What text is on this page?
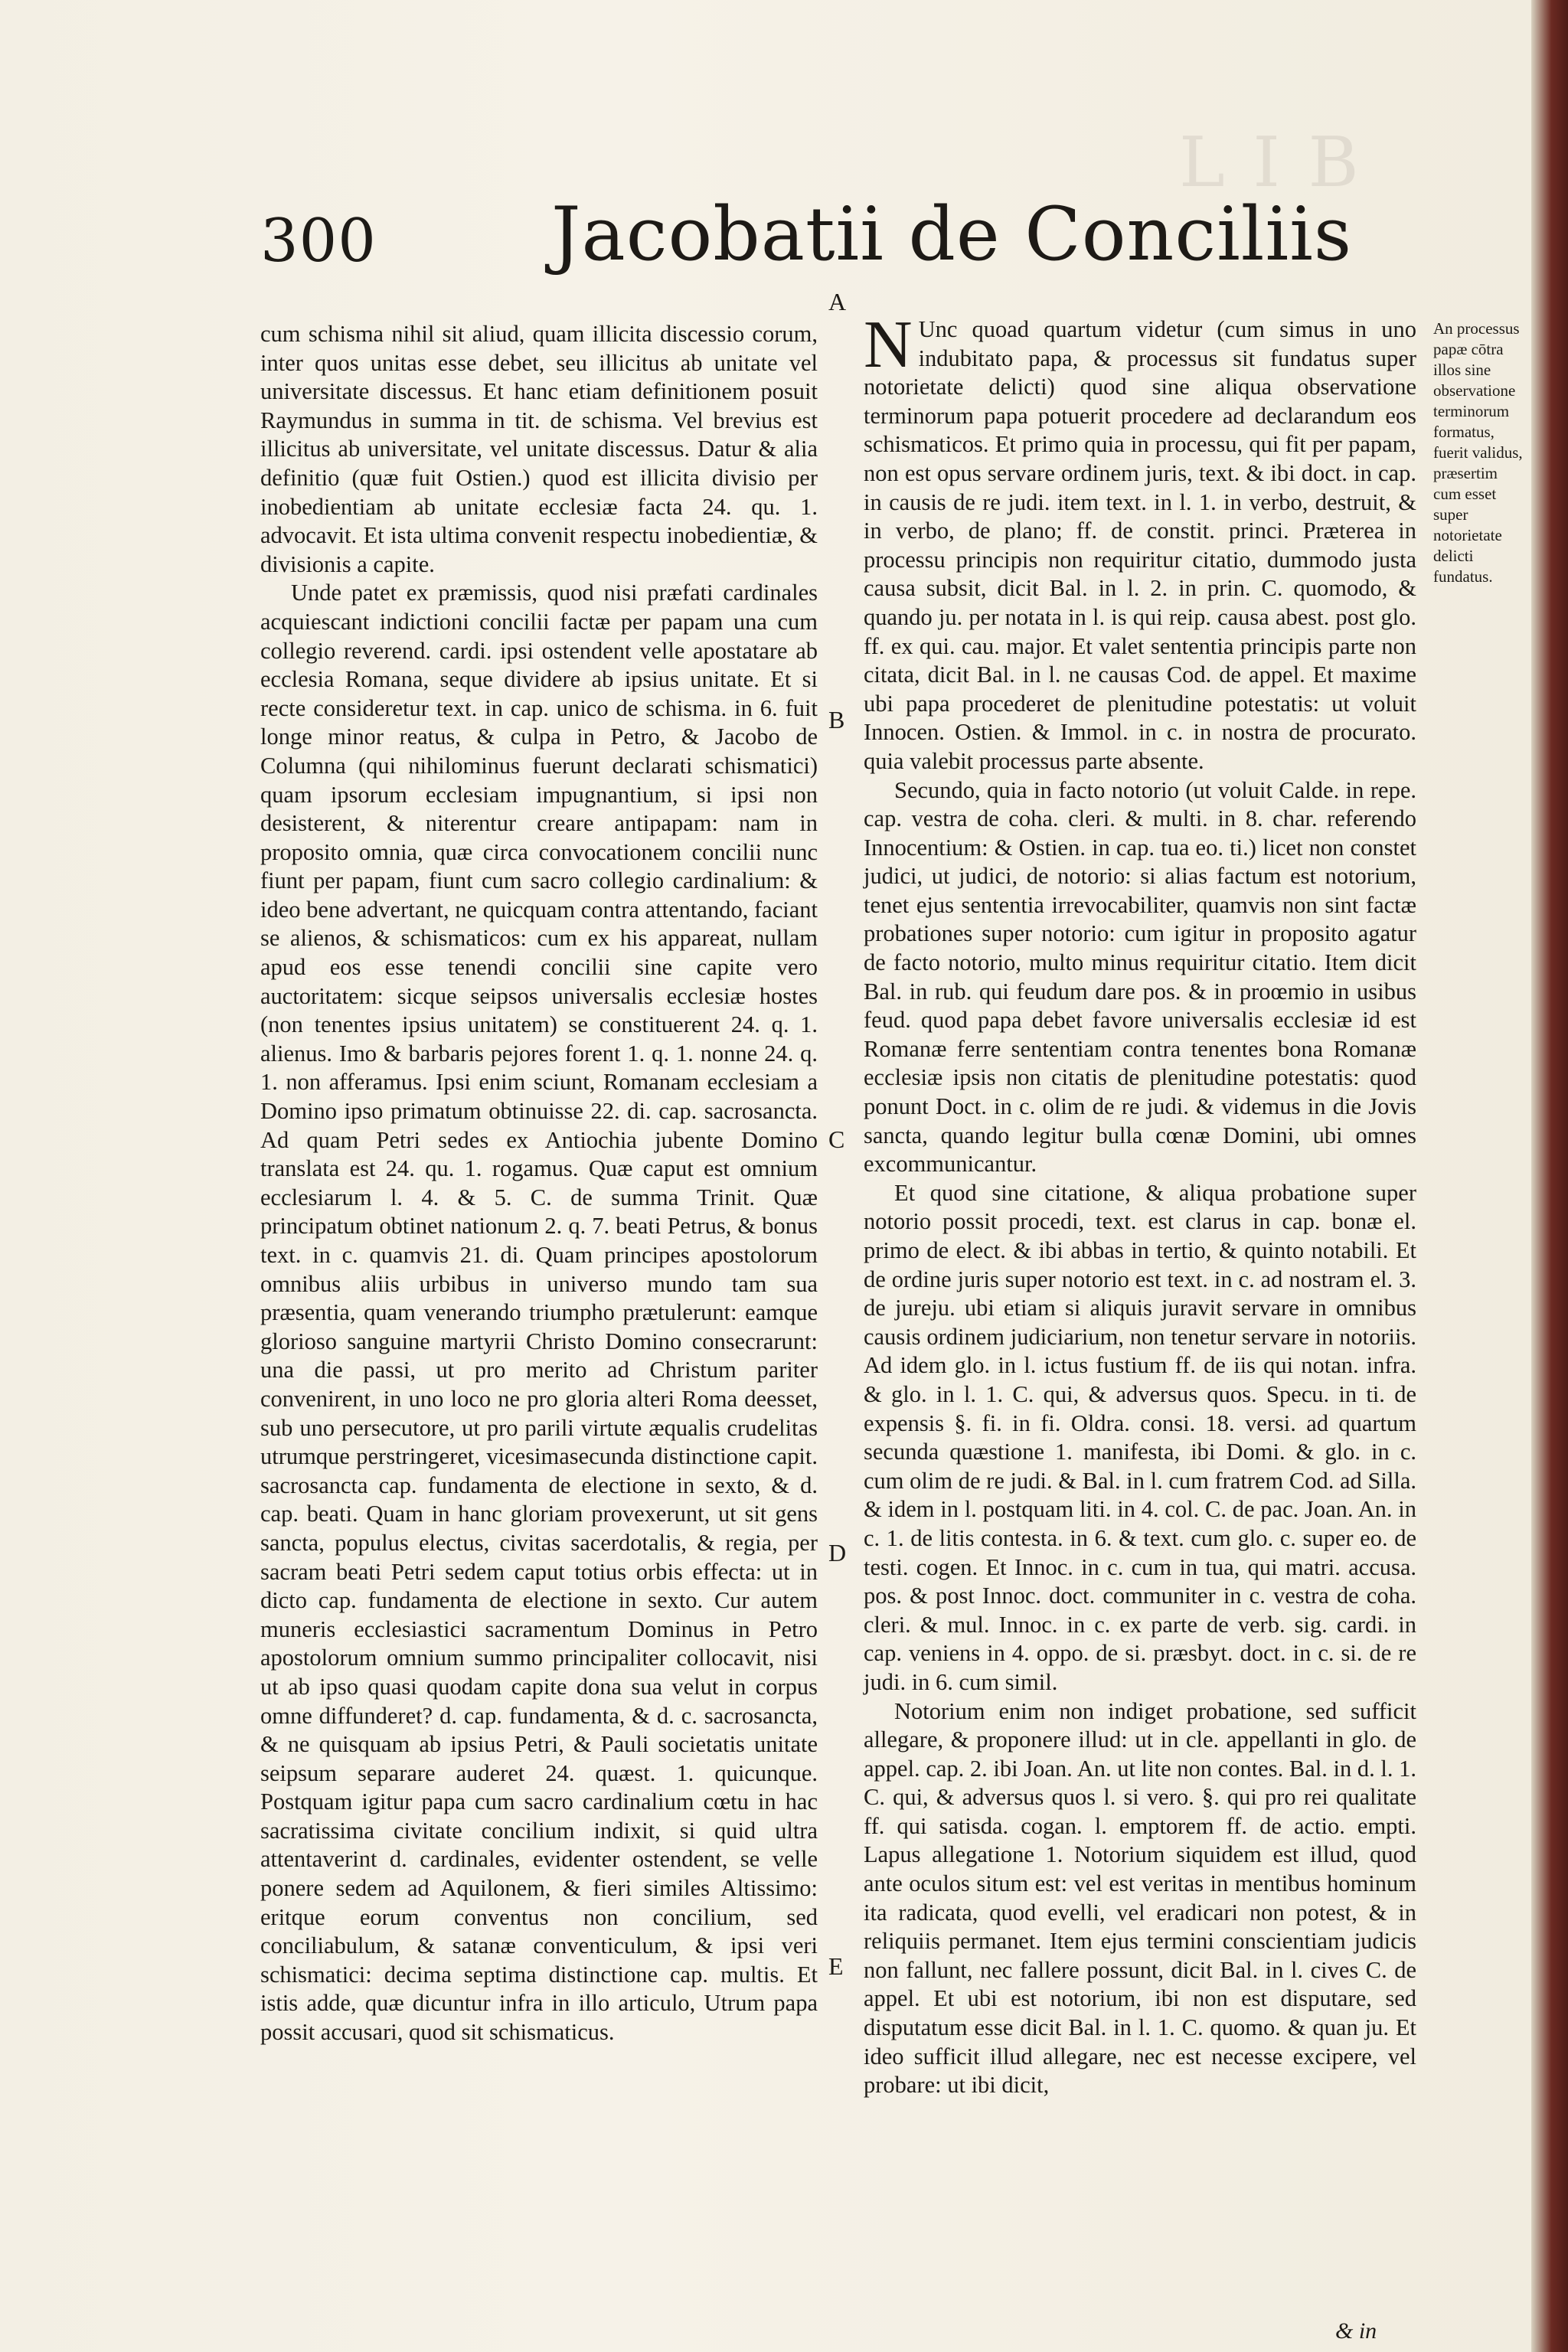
L I B
300 Jacobatii de Conciliis

cum schisma nihil sit aliud, quam illicita discessio corum, inter quos unitas esse debet, seu illicitus ab unitate vel universitate discessus. Et hanc etiam definitionem posuit Raymundus in summa in tit. de schisma. Vel brevius est illicitus ab universitate, vel unitate discessus. Datur & alia definitio (quæ fuit Ostien.) quod est illicita divisio per inobedientiam ab unitate ecclesiæ facta 24. qu. 1. advocavit. Et ista ultima convenit respectu inobedientiæ, & divisionis a capite.

Unde patet ex præmissis, quod nisi præfati cardinales acquiescant indictioni concilii factæ per papam una cum collegio reverend. cardi. ipsi ostendent velle apostatare ab ecclesia Romana, seque dividere ab ipsius unitate. Et si recte consideretur text. in cap. unico de schisma. in 6. fuit longe minor reatus, & culpa in Petro, & Jacobo de Columna (qui nihilominus fuerunt declarati schismatici) quam ipsorum ecclesiam impugnantium, si ipsi non desisterent, & niterentur creare antipapam: nam in proposito omnia, quæ circa convocationem concilii nunc fiunt per papam, fiunt cum sacro collegio cardinalium: & ideo bene advertant, ne quicquam contra attentando, faciant se alienos, & schismaticos: cum ex his appareat, nullam apud eos esse tenendi concilii sine capite vero auctoritatem: sicque seipsos universalis ecclesiæ hostes (non tenentes ipsius unitatem) se constituerent 24. q. 1. alienus. Imo & barbaris pejores forent 1. q. 1. nonne 24. q. 1. non afferamus. Ipsi enim sciunt, Romanam ecclesiam a Domino ipso primatum obtinuisse 22. di. cap. sacrosancta. Ad quam Petri sedes ex Antiochia jubente Domino translata est 24. qu. 1. rogamus. Quæ caput est omnium ecclesiarum l. 4. & 5. C. de summa Trinit. Quæ principatum obtinet nationum 2. q. 7. beati Petrus, & bonus text. in c. quamvis 21. di. Quam principes apostolorum omnibus aliis urbibus in universo mundo tam sua præsentia, quam venerando triumpho prætulerunt: eamque glorioso sanguine martyrii Christo Domino consecrarunt: una die passi, ut pro merito ad Christum pariter convenirent, in uno loco ne pro gloria alteri Roma deesset, sub uno persecutore, ut pro parili virtute æqualis crudelitas utrumque perstringeret, vicesimasecunda distinctione capit. sacrosancta cap. fundamenta de electione in sexto, & d. cap. beati. Quam in hanc gloriam provexerunt, ut sit gens sancta, populus electus, civitas sacerdotalis, & regia, per sacram beati Petri sedem caput totius orbis effecta: ut in dicto cap. fundamenta de electione in sexto. Cur autem muneris ecclesiastici sacramentum Dominus in Petro apostolorum omnium summo principaliter collocavit, nisi ut ab ipso quasi quodam capite dona sua velut in corpus omne diffunderet? d. cap. fundamenta, & d. c. sacrosancta, & ne quisquam ab ipsius Petri, & Pauli societatis unitate seipsum separare auderet 24. quæst. 1. quicunque. Postquam igitur papa cum sacro cardinalium cœtu in hac sacratissima civitate concilium indixit, si quid ultra attentaverint d. cardinales, evidenter ostendent, se velle ponere sedem ad Aquilonem, & fieri similes Altissimo: eritque eorum conventus non concilium, sed conciliabulum, & satanæ conventiculum, & ipsi veri schismatici: decima septima distinctione cap. multis. Et istis adde, quæ dicuntur infra in illo articulo, Utrum papa possit accusari, quod sit schismaticus.

A
B
C
D
E

N Unc quoad quartum videtur (cum simus in uno indubitato papa, & processus sit fundatus super notorietate delicti) quod sine aliqua observatione terminorum papa potuerit procedere ad declarandum eos schismaticos. Et primo quia in processu, qui fit per papam, non est opus servare ordinem juris, text. & ibi doct. in cap. in causis de re judi. item text. in l. 1. in verbo, destruit, & in verbo, de plano; ff. de constit. princi. Præterea in processu principis non requiritur citatio, dummodo justa causa subsit, dicit Bal. in l. 2. in prin. C. quomodo, & quando ju. per notata in l. is qui reip. causa abest. post glo. ff. ex qui. cau. major. Et valet sententia principis parte non citata, dicit Bal. in l. ne causas Cod. de appel. Et maxime ubi papa procederet de plenitudine potestatis: ut voluit Innocen. Ostien. & Immol. in c. in nostra de procurato. quia valebit processus parte absente.

Secundo, quia in facto notorio (ut voluit Calde. in repe. cap. vestra de coha. cleri. & multi. in 8. char. referendo Innocentium: & Ostien. in cap. tua eo. ti.) licet non constet judici, ut judici, de notorio: si alias factum est notorium, tenet ejus sententia irrevocabiliter, quamvis non sint factæ probationes super notorio: cum igitur in proposito agatur de facto notorio, multo minus requiritur citatio. Item dicit Bal. in rub. qui feudum dare pos. & in proœmio in usibus feud. quod papa debet favore universalis ecclesiæ id est Romanæ ferre sententiam contra tenentes bona Romanæ ecclesiæ ipsis non citatis de plenitudine potestatis: quod ponunt Doct. in c. olim de re judi. & videmus in die Jovis sancta, quando legitur bulla cœnæ Domini, ubi omnes excommunicantur.

Et quod sine citatione, & aliqua probatione super notorio possit procedi, text. est clarus in cap. bonæ el. primo de elect. & ibi abbas in tertio, & quinto notabili. Et de ordine juris super notorio est text. in c. ad nostram el. 3. de jureju. ubi etiam si aliquis juravit servare in omnibus causis ordinem judiciarium, non tenetur servare in notoriis. Ad idem glo. in l. ictus fustium ff. de iis qui notan. infra. & glo. in l. 1. C. qui, & adversus quos. Specu. in ti. de expensis §. fi. in fi. Oldra. consi. 18. versi. ad quartum secunda quæstione 1. manifesta, ibi Domi. & glo. in c. cum olim de re judi. & Bal. in l. cum fratrem Cod. ad Silla. & idem in l. postquam liti. in 4. col. C. de pac. Joan. An. in c. 1. de litis contesta. in 6. & text. cum glo. c. super eo. de testi. cogen. Et Innoc. in c. cum in tua, qui matri. accusa. pos. & post Innoc. doct. communiter in c. vestra de coha. cleri. & mul. Innoc. in c. ex parte de verb. sig. cardi. in cap. veniens in 4. oppo. de si. præsbyt. doct. in c. si. de re judi. in 6. cum simil.

Notorium enim non indiget probatione, sed sufficit allegare, & proponere illud: ut in cle. appellanti in glo. de appel. cap. 2. ibi Joan. An. ut lite non contes. Bal. in d. l. 1. C. qui, & adversus quos l. si vero. §. qui pro rei qualitate ff. qui satisda. cogan. l. emptorem ff. de actio. empti. Lapus allegatione 1. Notorium siquidem est illud, quod ante oculos situm est: vel est veritas in mentibus hominum ita radicata, quod evelli, vel eradicari non potest, & in reliquiis permanet. Item ejus termini conscientiam judicis non fallunt, nec fallere possunt, dicit Bal. in l. cives C. de appel. Et ubi est notorium, ibi non est disputare, sed disputatum esse dicit Bal. in l. 1. C. quomo. & quan ju. Et ideo sufficit illud allegare, nec est necesse excipere, vel probare: ut ibi dicit,

An processus papæ cōtra illos sine observatione terminorum formatus, fuerit validus, præsertim cum esset super notorietate delicti fundatus.
& in
